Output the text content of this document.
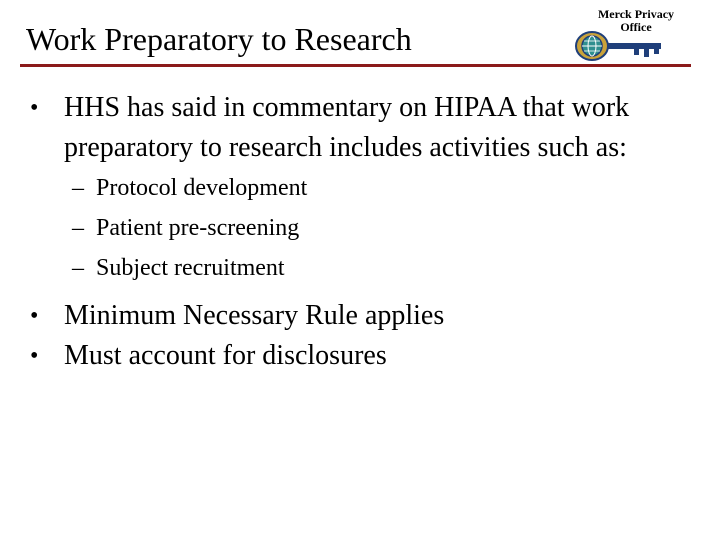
Work Preparatory to Research
Merck Privacy
Office
• HHS has said in commentary on HIPAA that work preparatory to research includes activities such as:
– Protocol development
– Patient pre-screening
– Subject recruitment
• Minimum Necessary Rule applies
• Must account for disclosures
